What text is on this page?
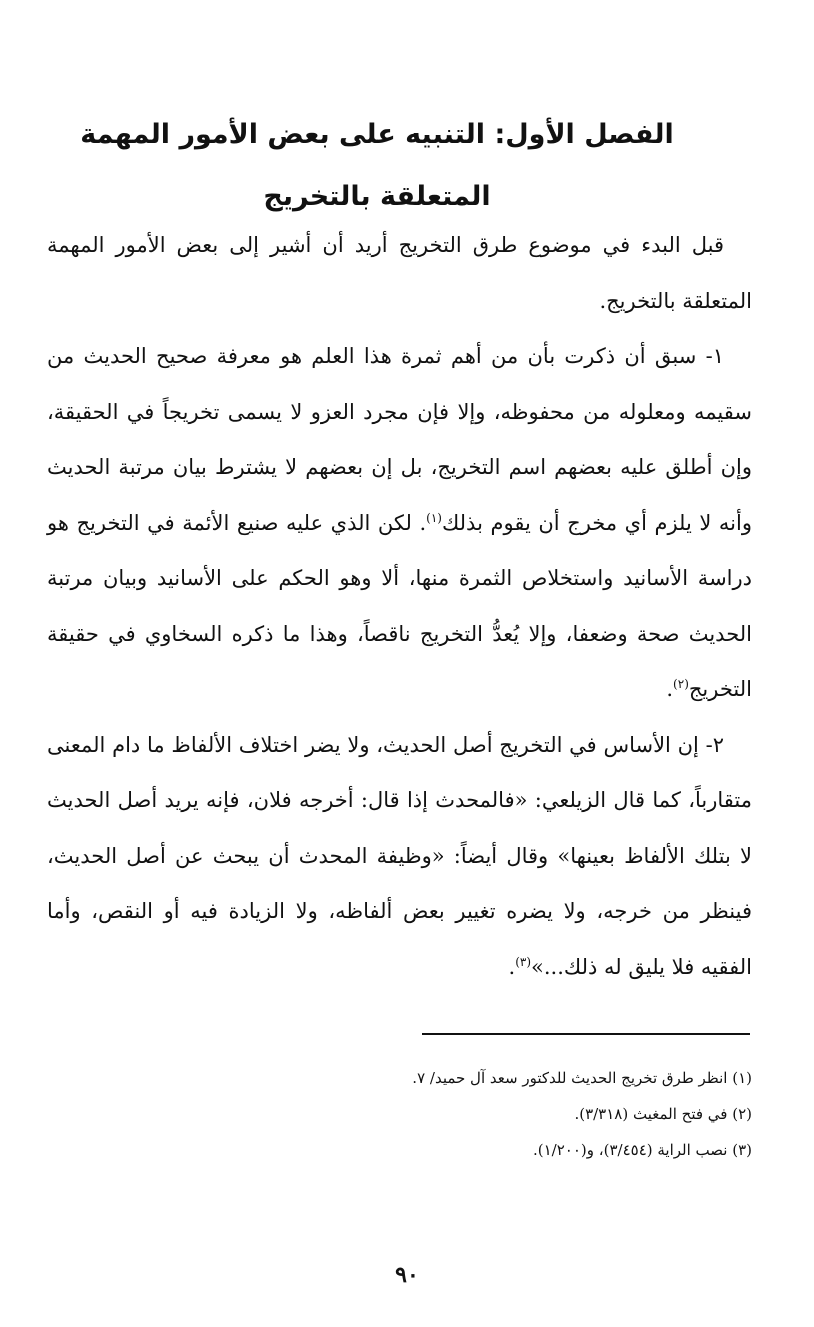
الفصل الأول: التنبيه على بعض الأمور المهمة المتعلقة بالتخريج

قبل البدء في موضوع طرق التخريج أريد أن أشير إلى بعض الأمور المهمة المتعلقة بالتخريج.

١- سبق أن ذكرت بأن من أهم ثمرة هذا العلم هو معرفة صحيح الحديث من سقيمه ومعلوله من محفوظه، وإلا فإن مجرد العزو لا يسمى تخريجاً في الحقيقة، وإن أطلق عليه بعضهم اسم التخريج، بل إن بعضهم لا يشترط بيان مرتبة الحديث وأنه لا يلزم أي مخرج أن يقوم بذلك$^{(١)}$. لكن الذي عليه صنيع الأئمة في التخريج هو دراسة الأسانيد واستخلاص الثمرة منها، ألا وهو الحكم على الأسانيد وبيان مرتبة الحديث صحة وضعفا، وإلا يُعدُّ التخريج ناقصاً، وهذا ما ذكره السخاوي في حقيقة التخريج$^{(٢)}$.

٢- إن الأساس في التخريج أصل الحديث، ولا يضر اختلاف الألفاظ ما دام المعنى متقارباً، كما قال الزيلعي: «فالمحدث إذا قال: أخرجه فلان، فإنه يريد أصل الحديث لا بتلك الألفاظ بعينها» وقال أيضاً: «وظيفة المحدث أن يبحث عن أصل الحديث، فينظر من خرجه، ولا يضره تغيير بعض ألفاظه، ولا الزيادة فيه أو النقص، وأما الفقيه فلا يليق له ذلك...»$^{(٣)}$.

(١) انظر طرق تخريج الحديث للدكتور سعد آل حميد/ ٧.
(٢) في فتح المغيث (٣/٣١٨).
(٣) نصب الراية (٣/٤٥٤)، و(١/٢٠٠).
٩٠
